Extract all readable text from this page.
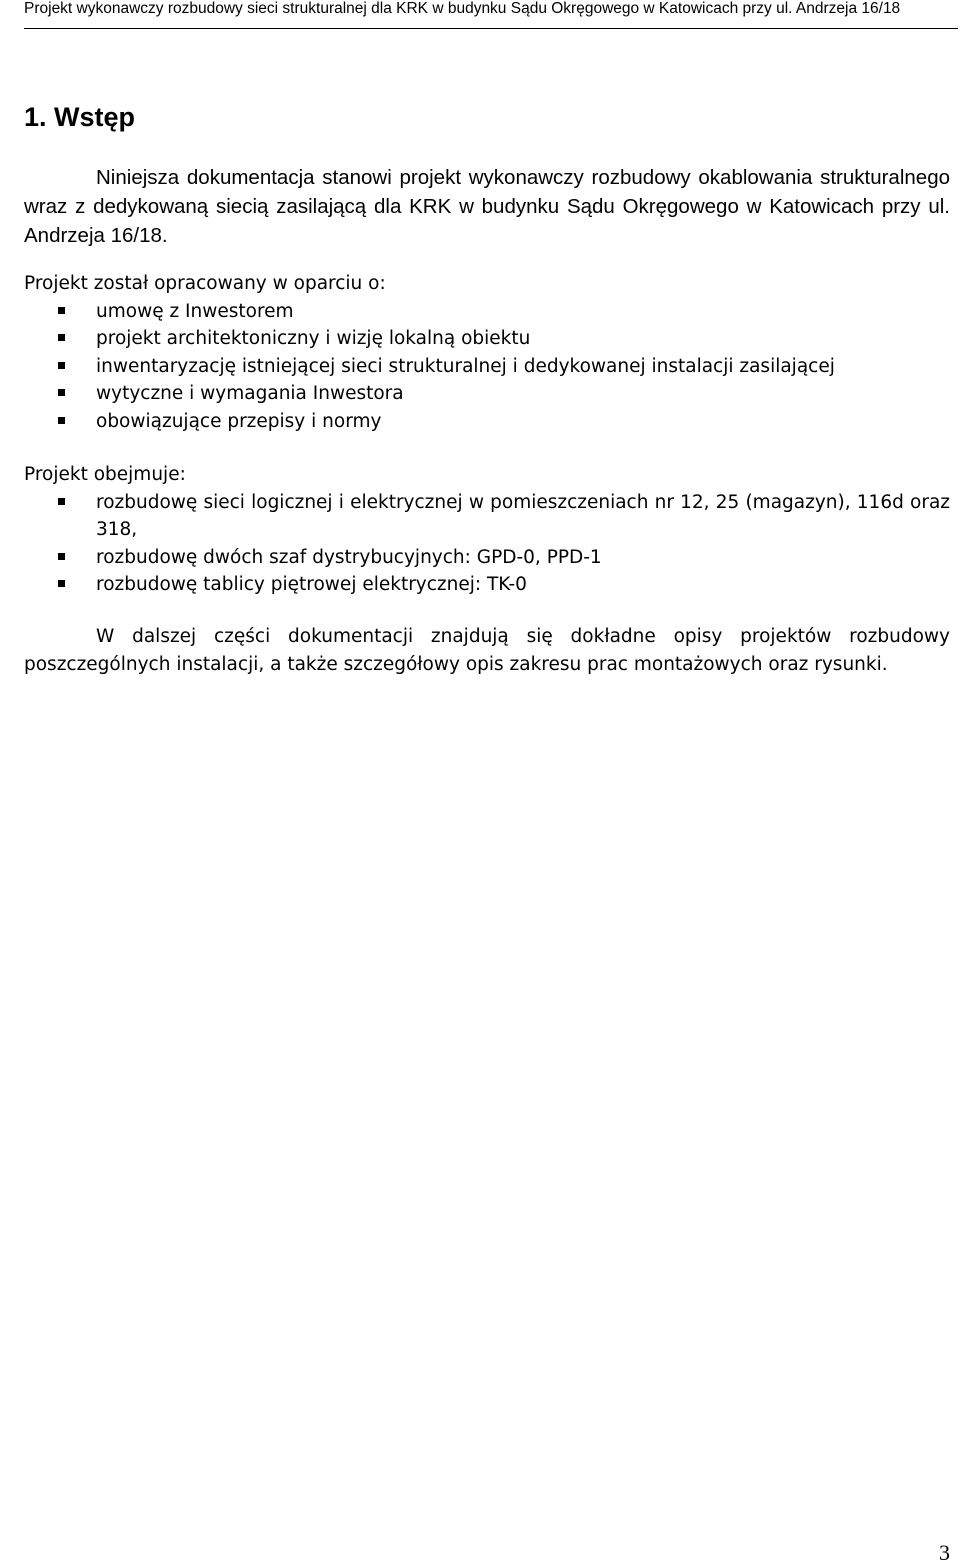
Projekt wykonawczy rozbudowy sieci strukturalnej dla KRK w budynku Sądu Okręgowego w Katowicach przy ul. Andrzeja 16/18
1. Wstęp

Niniejsza dokumentacja stanowi projekt wykonawczy rozbudowy okablowania strukturalnego wraz z dedykowaną siecią zasilającą dla KRK w budynku Sądu Okręgowego w Katowicach przy ul. Andrzeja 16/18.

Projekt został opracowany w oparciu o:

umowę z Inwestorem
projekt architektoniczny i wizję lokalną obiektu
inwentaryzację istniejącej sieci strukturalnej i dedykowanej instalacji zasilającej
wytyczne i wymagania Inwestora
obowiązujące przepisy i normy

Projekt obejmuje:

rozbudowę sieci logicznej i elektrycznej w pomieszczeniach nr 12, 25 (magazyn), 116d oraz 318,
rozbudowę dwóch szaf dystrybucyjnych: GPD-0, PPD-1
rozbudowę tablicy piętrowej elektrycznej: TK-0

W dalszej części dokumentacji znajdują się dokładne opisy projektów rozbudowy poszczególnych instalacji, a także szczegółowy opis zakresu prac montażowych oraz rysunki.

3
